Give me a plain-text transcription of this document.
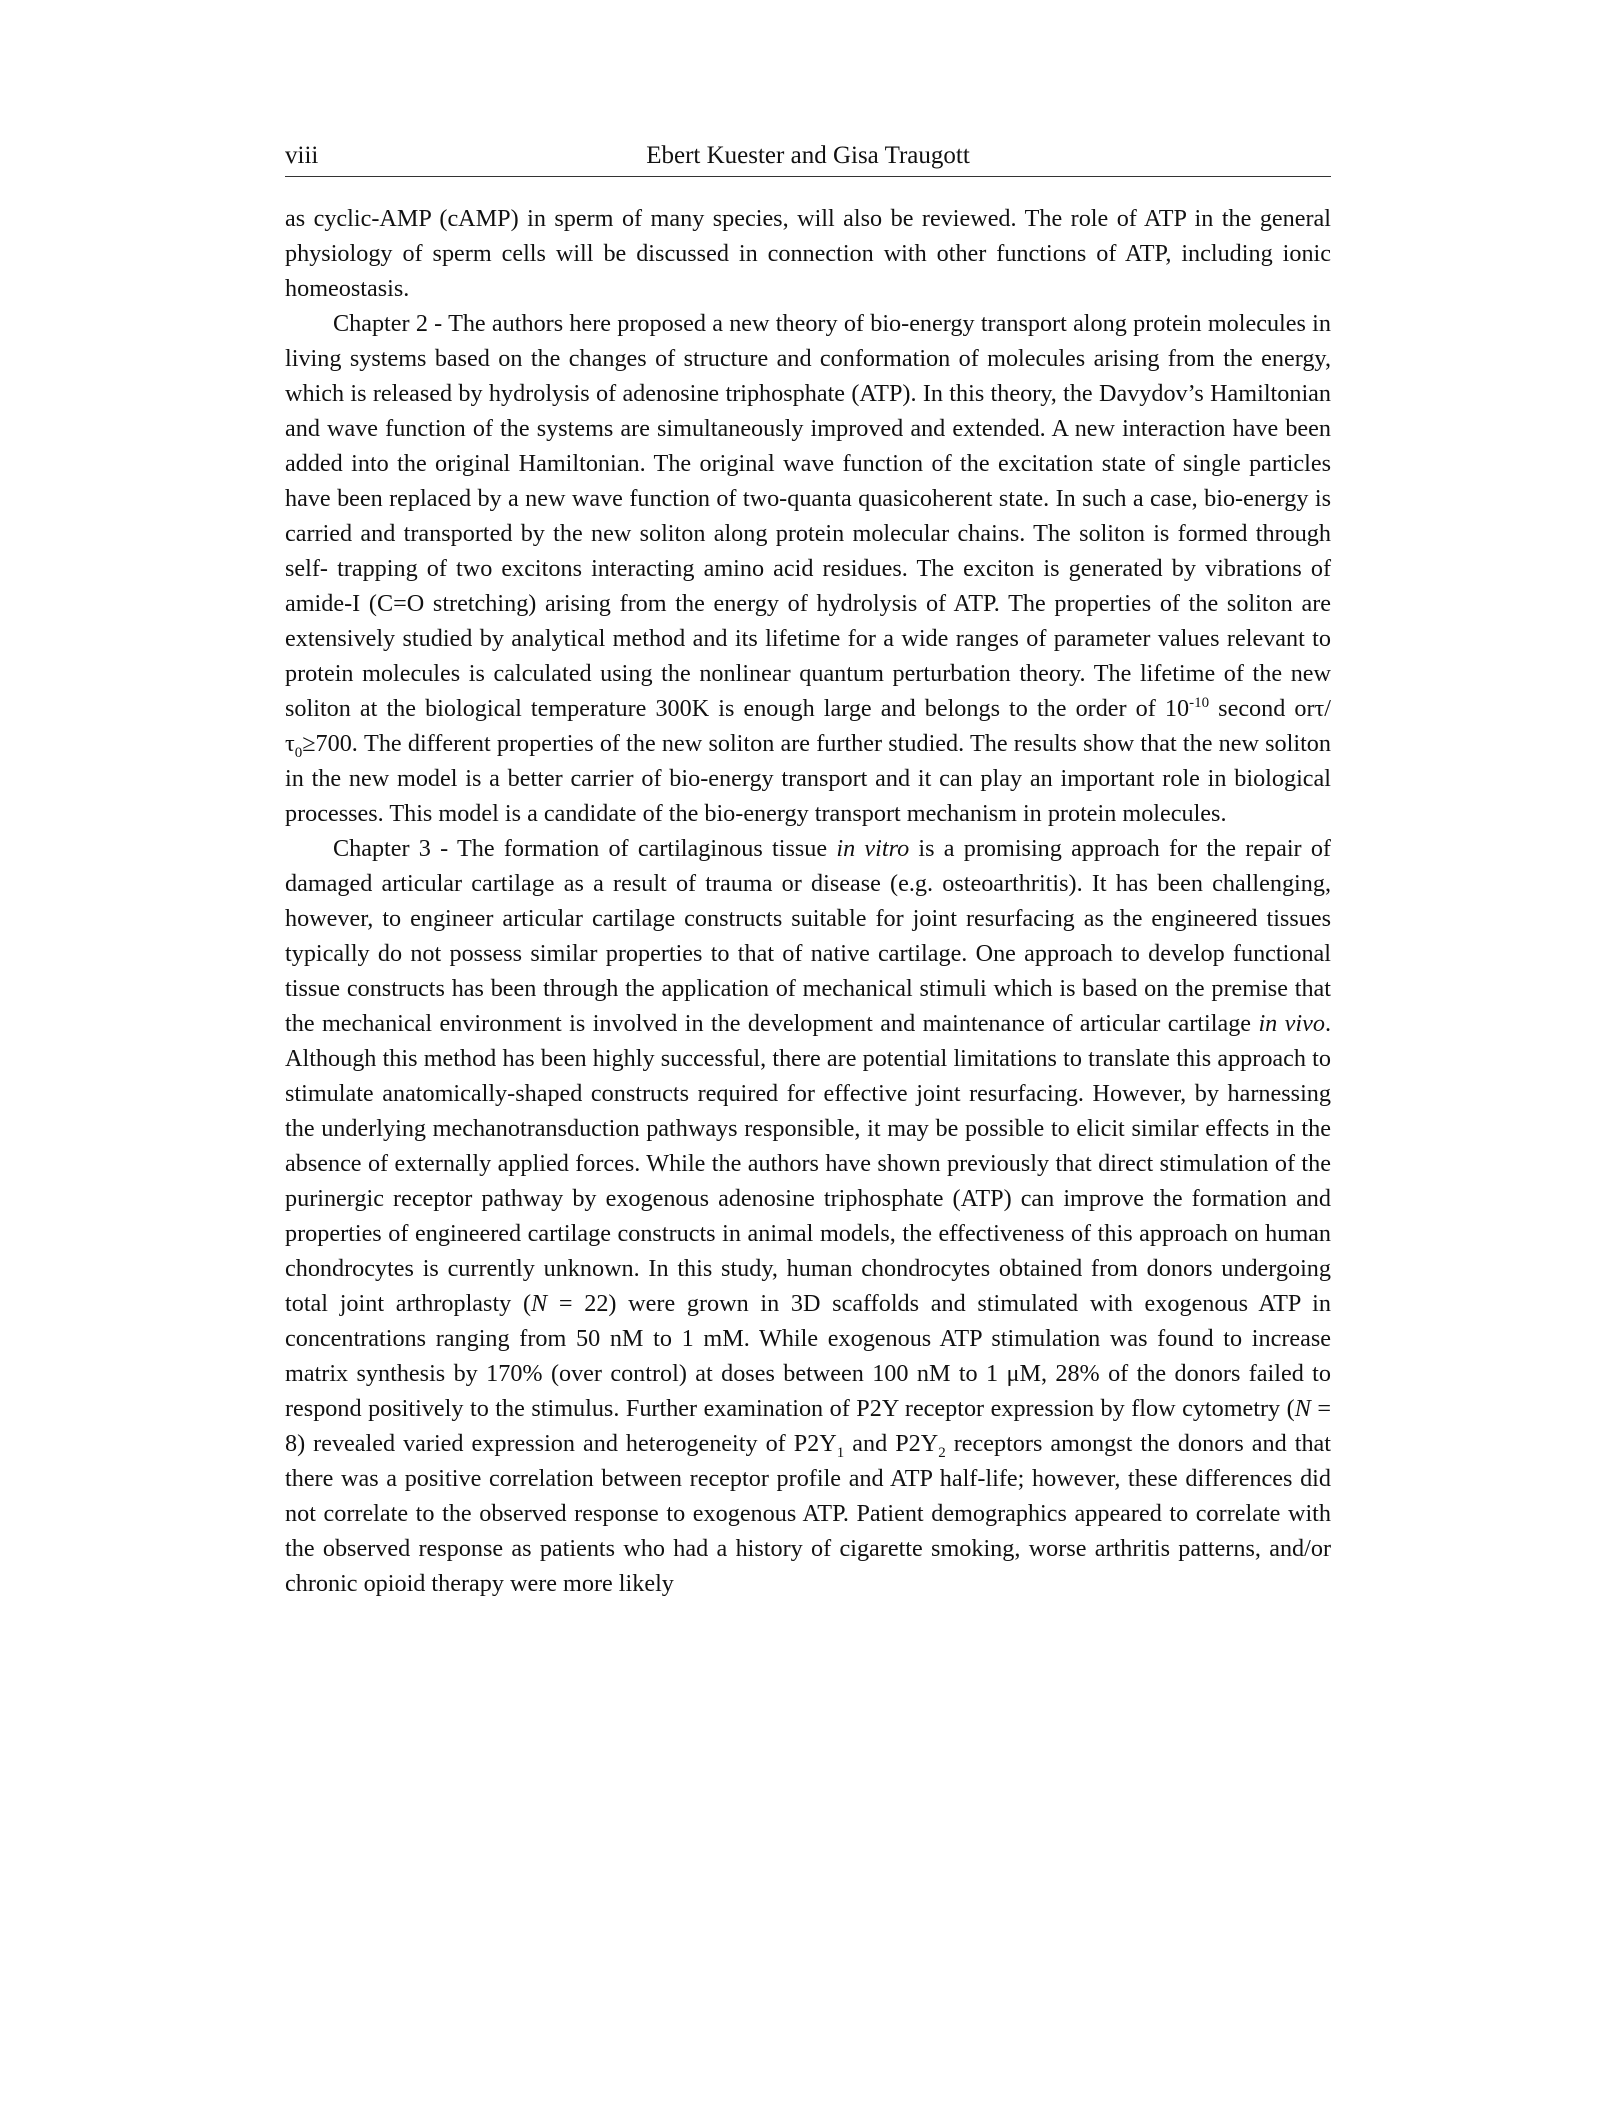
viii	Ebert Kuester and Gisa Traugott

as cyclic-AMP (cAMP) in sperm of many species, will also be reviewed. The role of ATP in the general physiology of sperm cells will be discussed in connection with other functions of ATP, including ionic homeostasis.

Chapter 2 - The authors here proposed a new theory of bio-energy transport along protein molecules in living systems based on the changes of structure and conformation of molecules arising from the energy, which is released by hydrolysis of adenosine triphosphate (ATP). In this theory, the Davydov’s Hamiltonian and wave function of the systems are simultaneously improved and extended. A new interaction have been added into the original Hamiltonian. The original wave function of the excitation state of single particles have been replaced by a new wave function of two-quanta quasicoherent state. In such a case, bio-energy is carried and transported by the new soliton along protein molecular chains. The soliton is formed through self- trapping of two excitons interacting amino acid residues. The exciton is generated by vibrations of amide-I (C=O stretching) arising from the energy of hydrolysis of ATP. The properties of the soliton are extensively studied by analytical method and its lifetime for a wide ranges of parameter values relevant to protein molecules is calculated using the nonlinear quantum perturbation theory. The lifetime of the new soliton at the biological temperature 300K is enough large and belongs to the order of $10^{-10}$ second orτ/$\tau_0\ge 700$. The different properties of the new soliton are further studied. The results show that the new soliton in the new model is a better carrier of bio-energy transport and it can play an important role in biological processes. This model is a candidate of the bio-energy transport mechanism in protein molecules.

Chapter 3 - The formation of cartilaginous tissue in vitro is a promising approach for the repair of damaged articular cartilage as a result of trauma or disease (e.g. osteoarthritis). It has been challenging, however, to engineer articular cartilage constructs suitable for joint resurfacing as the engineered tissues typically do not possess similar properties to that of native cartilage. One approach to develop functional tissue constructs has been through the application of mechanical stimuli which is based on the premise that the mechanical environment is involved in the development and maintenance of articular cartilage in vivo. Although this method has been highly successful, there are potential limitations to translate this approach to stimulate anatomically-shaped constructs required for effective joint resurfacing. However, by harnessing the underlying mechanotransduction pathways responsible, it may be possible to elicit similar effects in the absence of externally applied forces. While the authors have shown previously that direct stimulation of the purinergic receptor pathway by exogenous adenosine triphosphate (ATP) can improve the formation and properties of engineered cartilage constructs in animal models, the effectiveness of this approach on human chondrocytes is currently unknown. In this study, human chondrocytes obtained from donors undergoing total joint arthroplasty (N = 22) were grown in 3D scaffolds and stimulated with exogenous ATP in concentrations ranging from 50 nM to 1 mM. While exogenous ATP stimulation was found to increase matrix synthesis by 170% (over control) at doses between 100 nM to 1 μM, 28% of the donors failed to respond positively to the stimulus. Further examination of P2Y receptor expression by flow cytometry (N = 8) revealed varied expression and heterogeneity of $P2Y_1$ and $P2Y_2$ receptors amongst the donors and that there was a positive correlation between receptor profile and ATP half-life; however, these differences did not correlate to the observed response to exogenous ATP. Patient demographics appeared to correlate with the observed response as patients who had a history of cigarette smoking, worse arthritis patterns, and/or chronic opioid therapy were more likely
